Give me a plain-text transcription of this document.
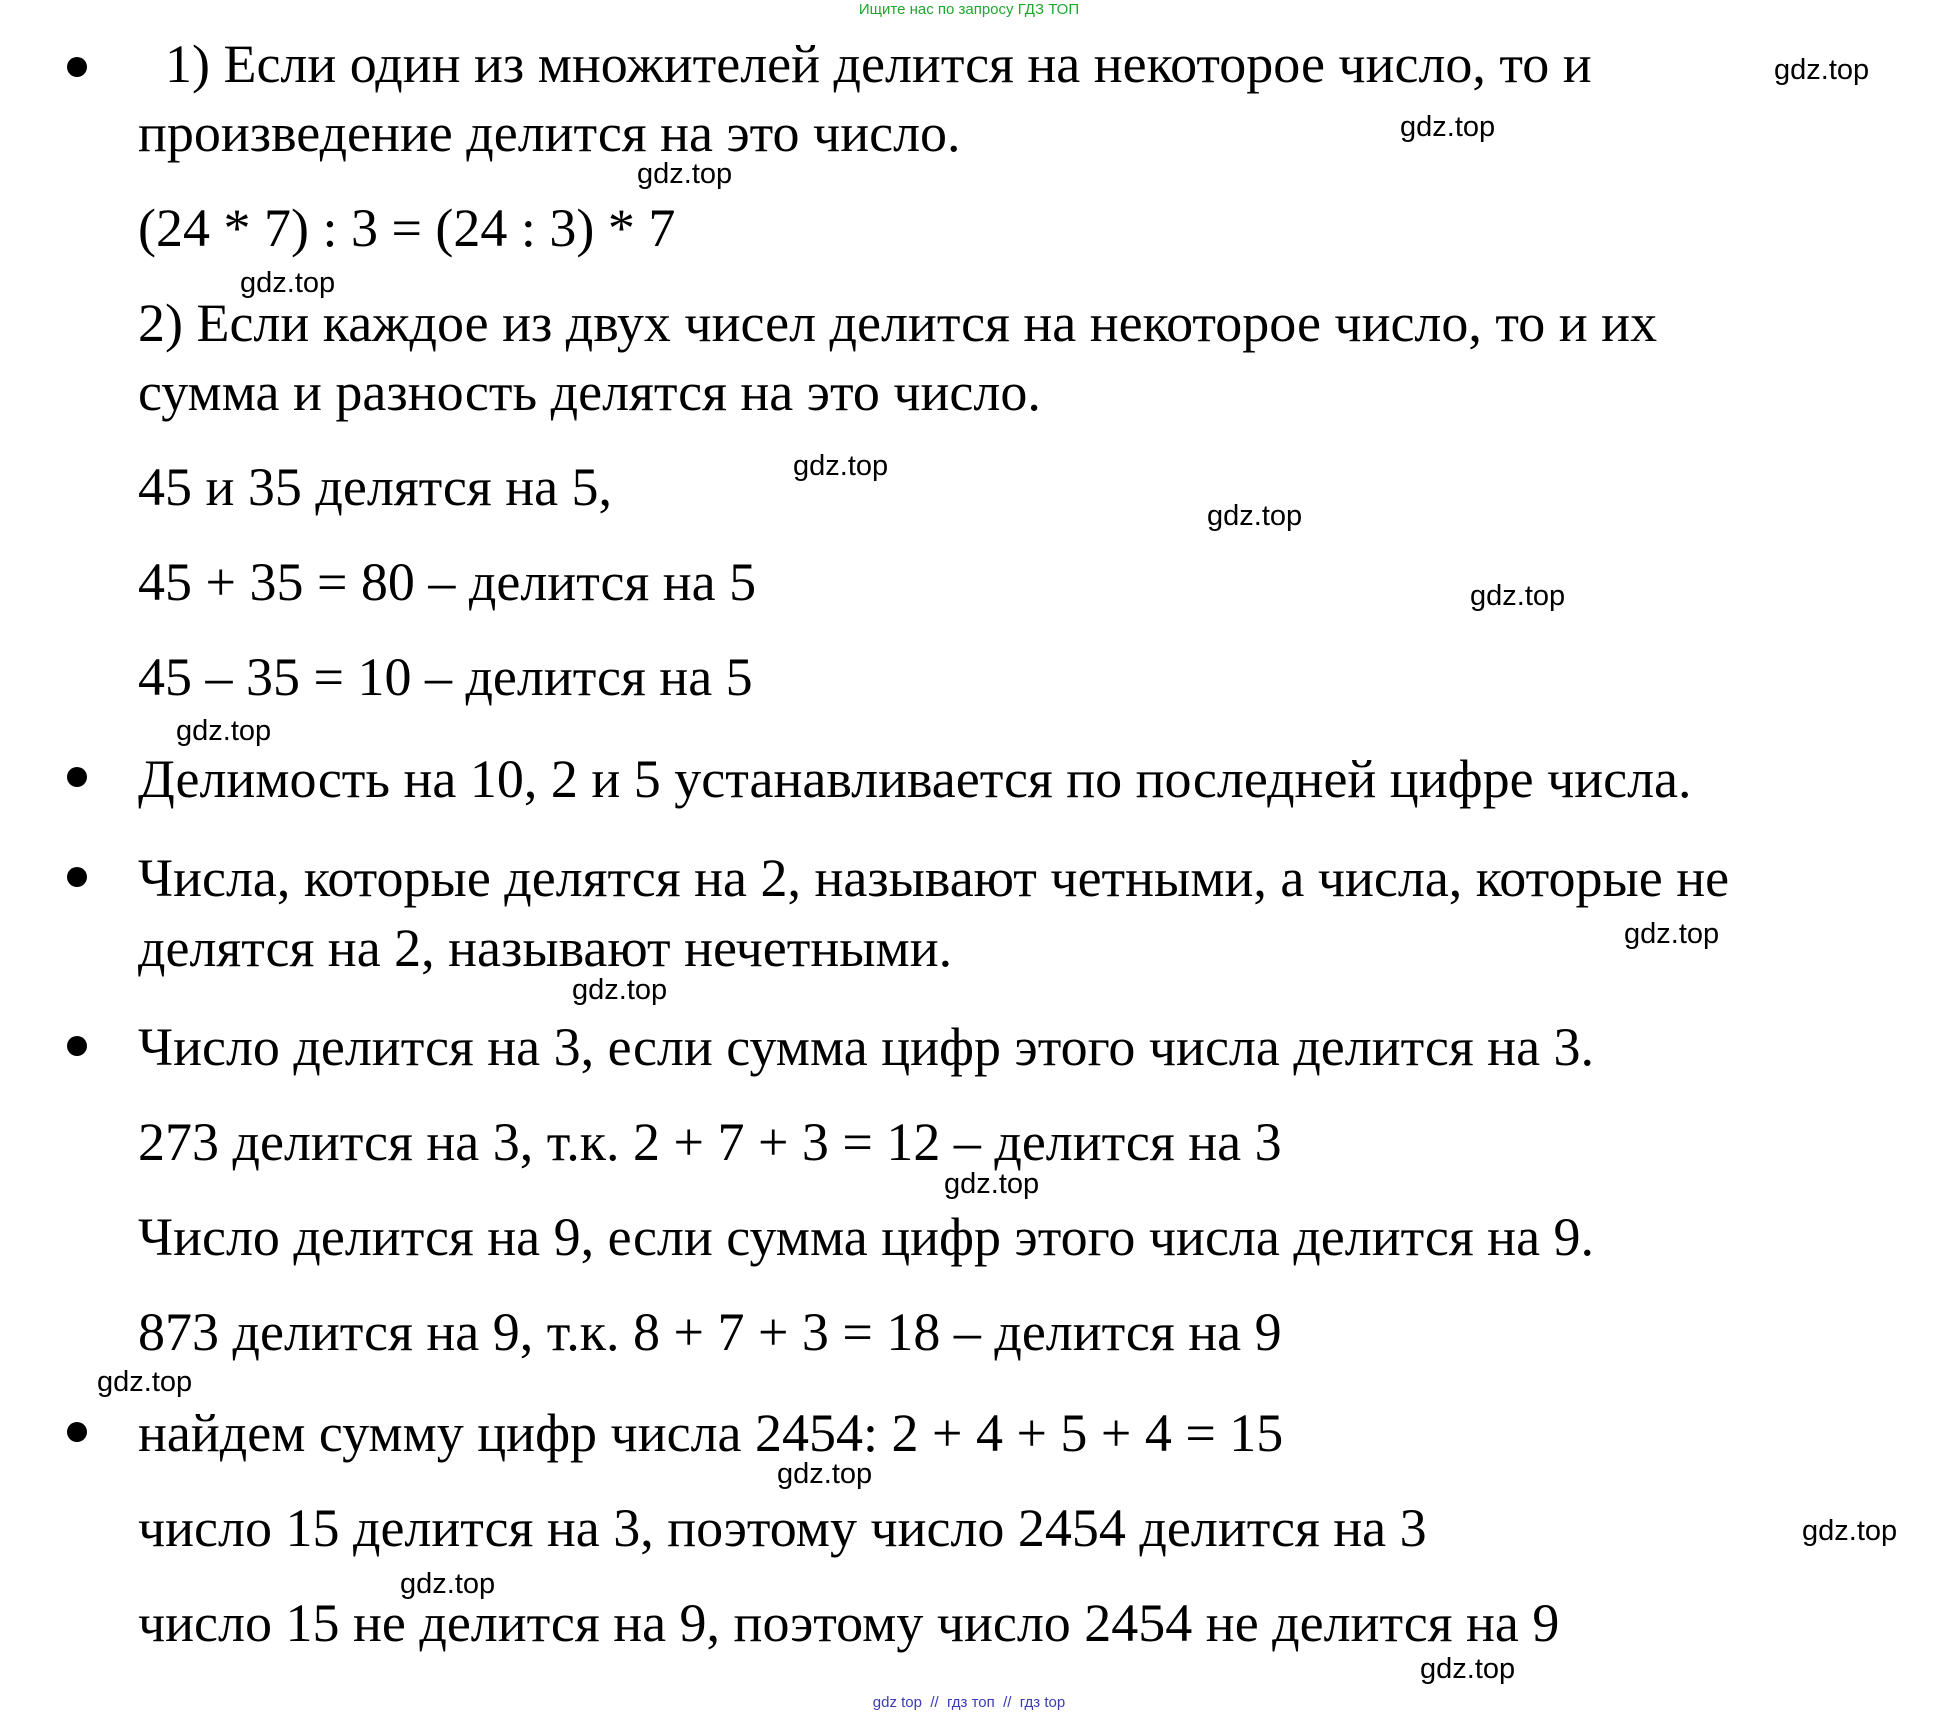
Ищите нас по запросу ГДЗ ТОП
1) Если один из множителей делится на некоторое число, то и
произведение делится на это число.
(24 * 7) : 3 = (24 : 3) * 7
2) Если каждое из двух чисел делится на некоторое число, то и их
сумма и разность делятся на это число.
45 и 35 делятся на 5,
45 + 35 = 80 – делится на 5
45 – 35 = 10 – делится на 5
Делимость на 10, 2 и 5 устанавливается по последней цифре числа.
Числа, которые делятся на 2, называют четными, а числа, которые не
делятся на 2, называют нечетными.
Число делится на 3, если сумма цифр этого числа делится на 3.
273 делится на 3, т.к. 2 + 7 + 3 = 12 – делится на 3
Число делится на 9, если сумма цифр этого числа делится на 9.
873 делится на 9, т.к. 8 + 7 + 3 = 18 – делится на 9
найдем сумму цифр числа 2454: 2 + 4 + 5 + 4 = 15
число 15 делится на 3, поэтому число 2454 делится на 3
число 15 не делится на 9, поэтому число 2454 не делится на 9
gdz.top
gdz.top
gdz.top
gdz.top
gdz.top
gdz.top
gdz.top
gdz.top
gdz.top
gdz.top
gdz.top
gdz.top
gdz.top
gdz.top
gdz.top
gdz.top
gdz top  //  гдз топ  //  гдз top
